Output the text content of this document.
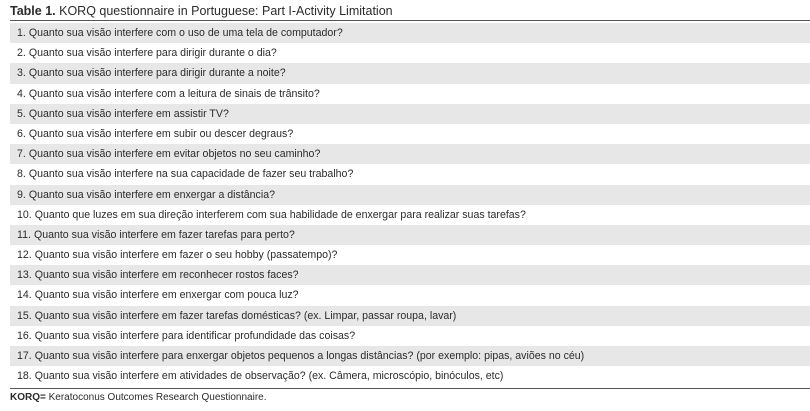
Table 1. KORQ questionnaire in Portuguese: Part I-Activity Limitation
1. Quanto sua visão interfere com o uso de uma tela de computador?
2. Quanto sua visão interfere para dirigir durante o dia?
3. Quanto sua visão interfere para dirigir durante a noite?
4. Quanto sua visão interfere com a leitura de sinais de trânsito?
5. Quanto sua visão interfere em assistir TV?
6. Quanto sua visão interfere em subir ou descer degraus?
7. Quanto sua visão interfere em evitar objetos no seu caminho?
8. Quanto sua visão interfere na sua capacidade de fazer seu trabalho?
9. Quanto sua visão interfere em enxergar a distância?
10. Quanto que luzes em sua direção interferem com sua habilidade de enxergar para realizar suas tarefas?
11. Quanto sua visão interfere em fazer tarefas para perto?
12. Quanto sua visão interfere em fazer o seu hobby (passatempo)?
13. Quanto sua visão interfere em reconhecer rostos faces?
14. Quanto sua visão interfere em enxergar com pouca luz?
15. Quanto sua visão interfere em fazer tarefas domésticas? (ex. Limpar, passar roupa, lavar)
16. Quanto sua visão interfere para identificar profundidade das coisas?
17. Quanto sua visão interfere para enxergar objetos pequenos a longas distâncias? (por exemplo: pipas, aviões no céu)
18. Quanto sua visão interfere em atividades de observação? (ex. Câmera, microscópio, binóculos, etc)
KORQ= Keratoconus Outcomes Research Questionnaire.
